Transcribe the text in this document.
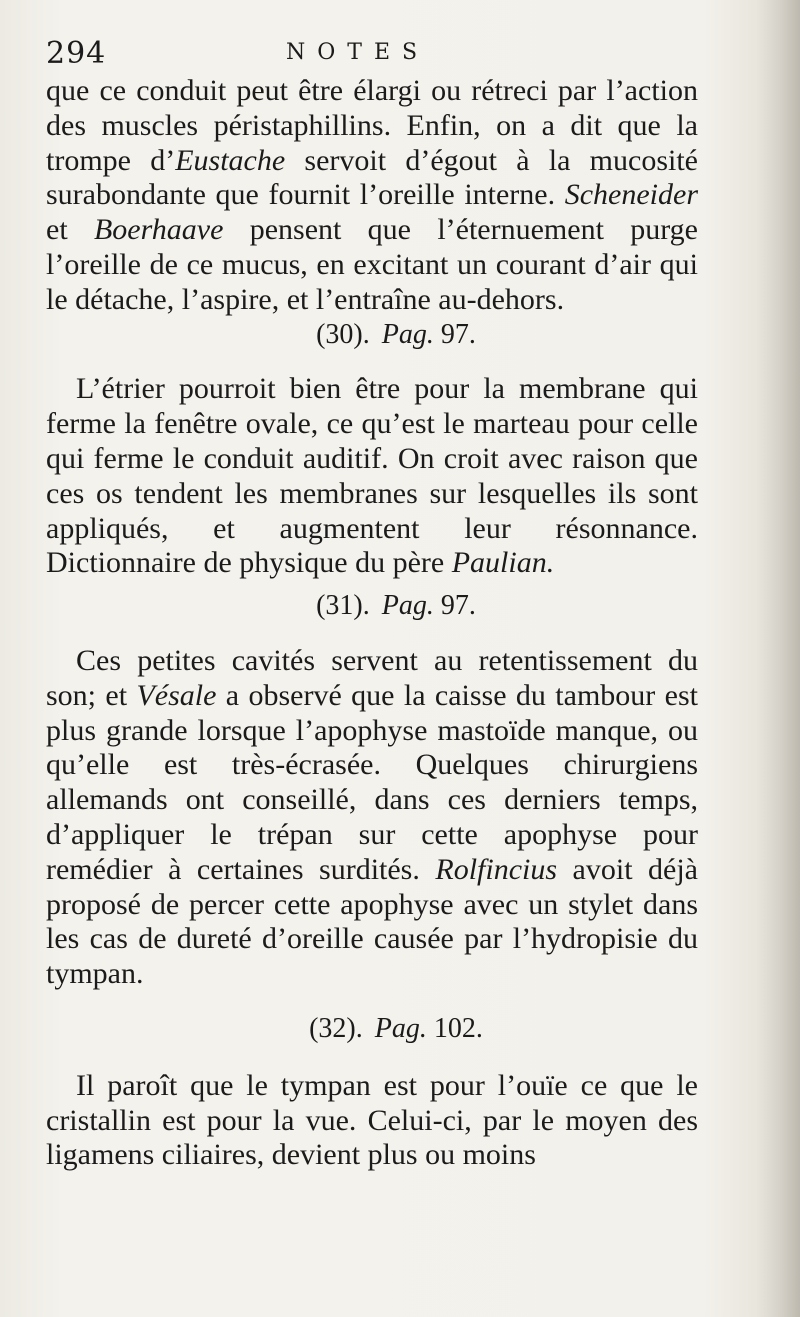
294	NOTES

que ce conduit peut être élargi ou rétreci par l’action des muscles péristaphillins. Enfin, on a dit que la trompe d’Eustache servoit d’égout à la mucosité surabondante que fournit l’oreille interne. Scheneider et Boerhaave pensent que l’éternuement purge l’oreille de ce mucus, en excitant un courant d’air qui le détache, l’aspire, et l’entraîne au-dehors.

(30). Pag. 97.

L’étrier pourroit bien être pour la membrane qui ferme la fenêtre ovale, ce qu’est le marteau pour celle qui ferme le conduit auditif. On croit avec raison que ces os tendent les membranes sur lesquelles ils sont appliqués, et augmentent leur résonnance. Dictionnaire de physique du père Paulian.

(31). Pag. 97.

Ces petites cavités servent au retentissement du son; et Vésale a observé que la caisse du tambour est plus grande lorsque l’apophyse mastoïde manque, ou qu’elle est très-écrasée. Quelques chirurgiens allemands ont conseillé, dans ces derniers temps, d’appliquer le trépan sur cette apophyse pour remédier à certaines surdités. Rolfincius avoit déjà proposé de percer cette apophyse avec un stylet dans les cas de dureté d’oreille causée par l’hydropisie du tympan.

(32). Pag. 102.

Il paroît que le tympan est pour l’ouïe ce que le cristallin est pour la vue. Celui-ci, par le moyen des ligamens ciliaires, devient plus ou moins
